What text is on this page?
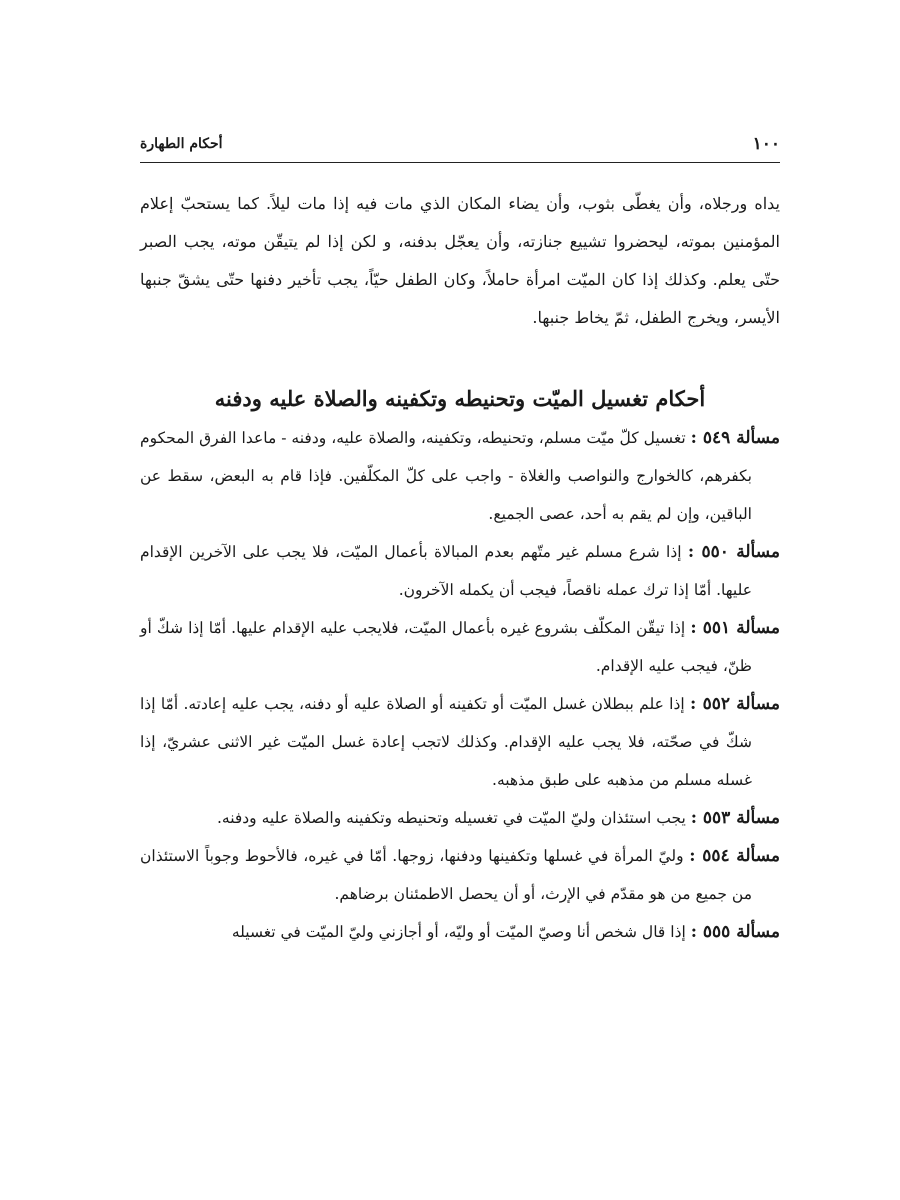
١٠٠
أحكام الطهارة

يداه ورجلاه، وأن يغطّى بثوب، وأن يضاء المكان الذي مات فيه إذا مات ليلاً. كما يستحبّ إعلام المؤمنين بموته، ليحضروا تشييع جنازته، وأن يعجّل بدفنه، و لكن إذا لم يتيقّن موته، يجب الصبر حتّى يعلم. وكذلك إذا كان الميّت امرأة حاملاً، وكان الطفل حيّاً، يجب تأخير دفنها حتّى يشقّ جنبها الأيسر، ويخرج الطفل، ثمّ يخاط جنبها.

أحكام تغسيل الميّت وتحنيطه وتكفينه والصلاة عليه ودفنه

مسألة ٥٤٩ : تغسيل كلّ ميّت مسلم، وتحنيطه، وتكفينه، والصلاة عليه، ودفنه - ماعدا الفرق المحكوم بكفرهم، كالخوارج والنواصب والغلاة - واجب على كلّ المكلّفين. فإذا قام به البعض، سقط عن الباقين، وإن لم يقم به أحد، عصى الجميع.

مسألة ٥٥٠ : إذا شرع مسلم غير متّهم بعدم المبالاة بأعمال الميّت، فلا يجب على الآخرين الإقدام عليها. أمّا إذا ترك عمله ناقصاً، فيجب أن يكمله الآخرون.

مسألة ٥٥١ : إذا تيقّن المكلّف بشروع غيره بأعمال الميّت، فلايجب عليه الإقدام عليها. أمّا إذا شكّ أو ظنّ، فيجب عليه الإقدام.

مسألة ٥٥٢ : إذا علم ببطلان غسل الميّت أو تكفينه أو الصلاة عليه أو دفنه، يجب عليه إعادته. أمّا إذا شكّ في صحّته، فلا يجب عليه الإقدام. وكذلك لاتجب إعادة غسل الميّت غير الاثنى عشريّ، إذا غسله مسلم من مذهبه على طبق مذهبه.

مسألة ٥٥٣ : يجب استئذان وليّ الميّت في تغسيله وتحنيطه وتكفينه والصلاة عليه ودفنه.

مسألة ٥٥٤ : وليّ المرأة في غسلها وتكفينها ودفنها، زوجها. أمّا في غيره، فالأحوط وجوباً الاستئذان من جميع من هو مقدّم في الإرث، أو أن يحصل الاطمئنان برضاهم.

مسألة ٥٥٥ : إذا قال شخص أنا وصيّ الميّت أو وليّه، أو أجازني وليّ الميّت في تغسيله
